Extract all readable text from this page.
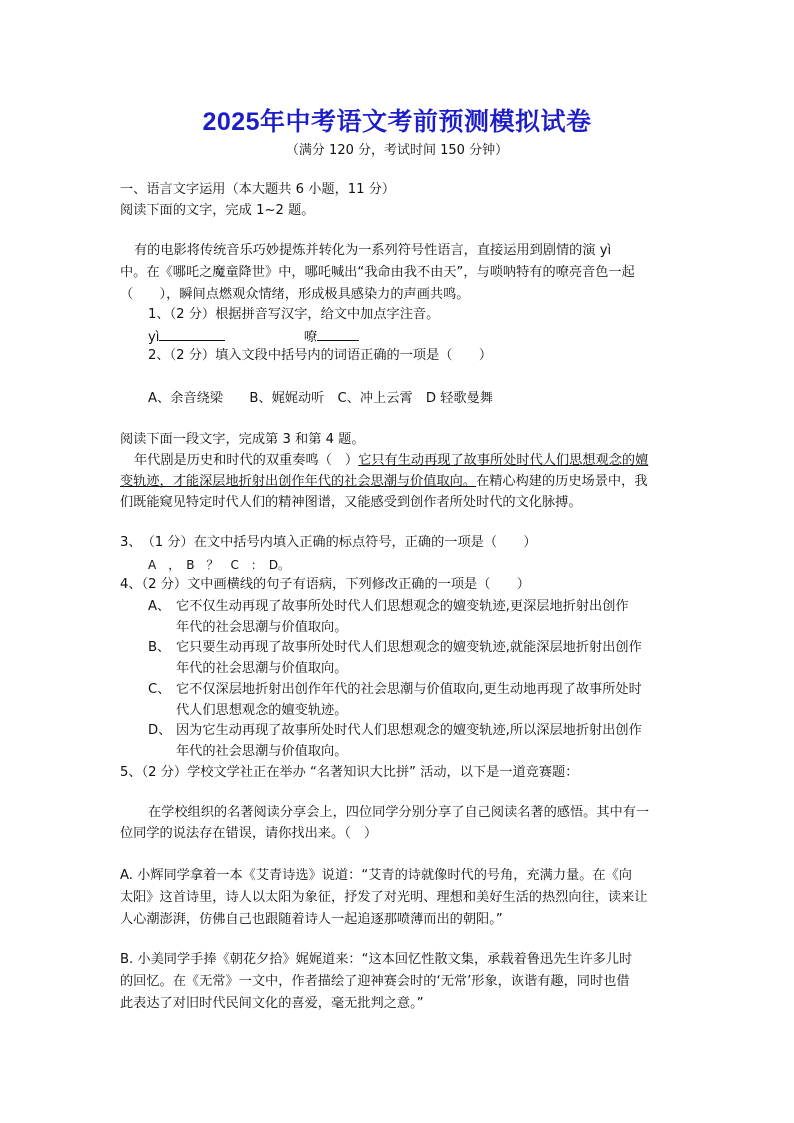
2025年中考语文考前预测模拟试卷
（满分 120 分，考试时间 150 分钟）
一、语言文字运用（本大题共 6 小题，11 分）
阅读下面的文字，完成 1~2 题。
有的电影将传统音乐巧妙提炼并转化为一系列符号性语言，直接运用到剧情的演 yì
中。在《哪吒之魔童降世》中，哪吒喊出“我命由我不由天”，与唢呐特有的嘹亮音色一起
（　　），瞬间点燃观众情绪，形成极具感染力的声画共鸣。
1、（2 分）根据拼音写汉字，给文中加点字注音。
yì	嘹
2、（2 分）填入文段中括号内的词语正确的一项是（　　）
A、余音绕梁　　B、娓娓动听　C、冲上云霄　D 轻歌曼舞
阅读下面一段文字，完成第 3 和第 4 题。
年代剧是历史和时代的双重奏鸣（　）它只有生动再现了故事所处时代人们思想观念的嬗
变轨迹，才能深层地折射出创作年代的社会思潮与价值取向。在精心构建的历史场景中，我
们既能窥见特定时代人们的精神图谱，又能感受到创作者所处时代的文化脉搏。
3、　（1 分）在文中括号内填入正确的标点符号，正确的一项是（　　）
A　，　B　？　C　：　D。
4、（2 分）文中画横线的句子有语病，下列修改正确的一项是（　　）
A、 它不仅生动再现了故事所处时代人们思想观念的嬗变轨迹,更深层地折射出创作
年代的社会思潮与价值取向。
B、 它只要生动再现了故事所处时代人们思想观念的嬗变轨迹,就能深层地折射出创作
年代的社会思潮与价值取向。
C、 它不仅深层地折射出创作年代的社会思潮与价值取向,更生动地再现了故事所处时
代人们思想观念的嬗变轨迹。
D、 因为它生动再现了故事所处时代人们思想观念的嬗变轨迹,所以深层地折射出创作
年代的社会思潮与价值取向。
5、（2 分）学校文学社正在举办 “名著知识大比拼” 活动，以下是一道竞赛题：
在学校组织的名著阅读分享会上，四位同学分别分享了自己阅读名著的感悟。其中有一
位同学的说法存在错误，请你找出来。（　）
A. 小辉同学拿着一本《艾青诗选》说道：“艾青的诗就像时代的号角，充满力量。在《向
太阳》这首诗里，诗人以太阳为象征，抒发了对光明、理想和美好生活的热烈向往，读来让
人心潮澎湃，仿佛自己也跟随着诗人一起追逐那喷薄而出的朝阳。”
B. 小美同学手捧《朝花夕拾》娓娓道来：“这本回忆性散文集，承载着鲁迅先生许多儿时
的回忆。在《无常》一文中，作者描绘了迎神赛会时的‘无常’形象，诙谐有趣，同时也借
此表达了对旧时代民间文化的喜爱，毫无批判之意。”
